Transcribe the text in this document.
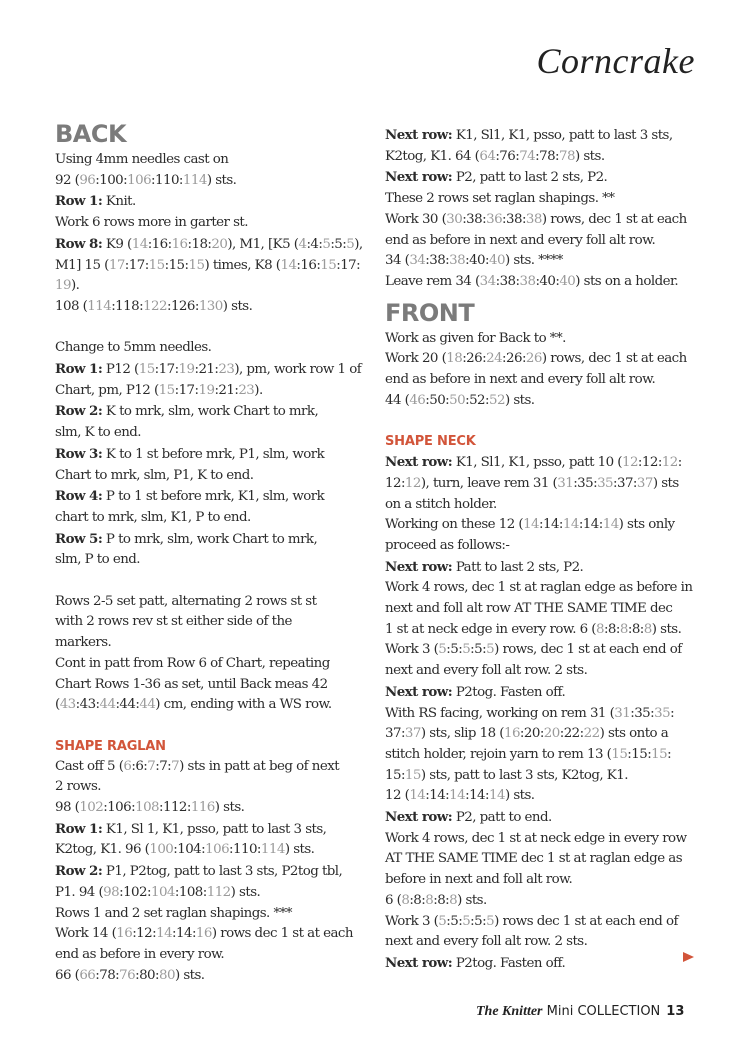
Corncrake
BACK

Using 4mm needles cast on

92 (96:100:106:110:114) sts.

Row 1: Knit.

Work 6 rows more in garter st.

Row 8: K9 (14:16:16:18:20), M1, [K5 (4:4:5:5:5),

M1] 15 (17:17:15:15:15) times, K8 (14:16:15:17:

19).

108 (114:118:122:126:130) sts.

Change to 5mm needles.

Row 1: P12 (15:17:19:21:23), pm, work row 1 of

Chart, pm, P12 (15:17:19:21:23).

Row 2: K to mrk, slm, work Chart to mrk,

slm, K to end.

Row 3: K to 1 st before mrk, P1, slm, work

Chart to mrk, slm, P1, K to end.

Row 4: P to 1 st before mrk, K1, slm, work

chart to mrk, slm, K1, P to end.

Row 5: P to mrk, slm, work Chart to mrk,

slm, P to end.

Rows 2-5 set patt, alternating 2 rows st st

with 2 rows rev st st either side of the

markers.

Cont in patt from Row 6 of Chart, repeating

Chart Rows 1-36 as set, until Back meas 42

(43:43:44:44:44) cm, ending with a WS row.

SHAPE RAGLAN

Cast off 5 (6:6:7:7:7) sts in patt at beg of next

2 rows.

98 (102:106:108:112:116) sts.

Row 1: K1, Sl 1, K1, psso, patt to last 3 sts,

K2tog, K1. 96 (100:104:106:110:114) sts.

Row 2: P1, P2tog, patt to last 3 sts, P2tog tbl,

P1. 94 (98:102:104:108:112) sts.

Rows 1 and 2 set raglan shapings. ***

Work 14 (16:12:14:14:16) rows dec 1 st at each

end as before in every row.

66 (66:78:76:80:80) sts.

Next row: K1, Sl1, K1, psso, patt to last 3 sts,

K2tog, K1. 64 (64:76:74:78:78) sts.

Next row: P2, patt to last 2 sts, P2.

These 2 rows set raglan shapings. **

Work 30 (30:38:36:38:38) rows, dec 1 st at each

end as before in next and every foll alt row.

34 (34:38:38:40:40) sts. ****

Leave rem 34 (34:38:38:40:40) sts on a holder.

FRONT

Work as given for Back to **.

Work 20 (18:26:24:26:26) rows, dec 1 st at each

end as before in next and every foll alt row.

44 (46:50:50:52:52) sts.

SHAPE NECK

Next row: K1, Sl1, K1, psso, patt 10 (12:12:12:

12:12), turn, leave rem 31 (31:35:35:37:37) sts

on a stitch holder.

Working on these 12 (14:14:14:14:14) sts only

proceed as follows:-

Next row: Patt to last 2 sts, P2.

Work 4 rows, dec 1 st at raglan edge as before in

next and foll alt row AT THE SAME TIME dec

1 st at neck edge in every row. 6 (8:8:8:8:8) sts.

Work 3 (5:5:5:5:5) rows, dec 1 st at each end of

next and every foll alt row. 2 sts.

Next row: P2tog. Fasten off.

With RS facing, working on rem 31 (31:35:35:

37:37) sts, slip 18 (16:20:20:22:22) sts onto a

stitch holder, rejoin yarn to rem 13 (15:15:15:

15:15) sts, patt to last 3 sts, K2tog, K1.

12 (14:14:14:14:14) sts.

Next row: P2, patt to end.

Work 4 rows, dec 1 st at neck edge in every row

AT THE SAME TIME dec 1 st at raglan edge as

before in next and foll alt row.

6 (8:8:8:8:8) sts.

Work 3 (5:5:5:5:5) rows dec 1 st at each end of

next and every foll alt row. 2 sts.

Next row: P2tog. Fasten off.

The Knitter Mini COLLECTION 13
